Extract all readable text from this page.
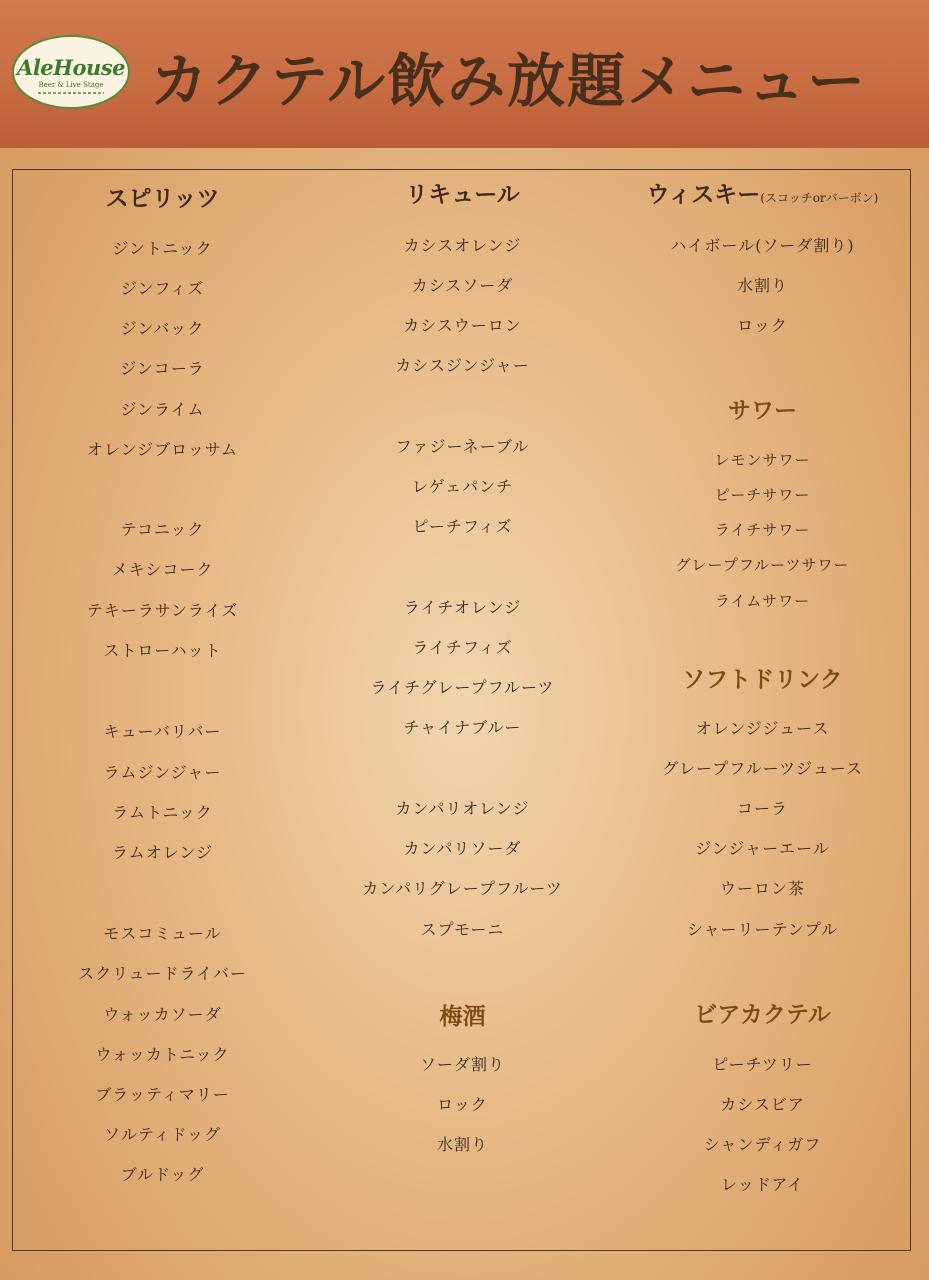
AleHouse
Beer & Live Stage カクテル飲み放題メニュー
スピリッツ
ジントニック
ジンフィズ
ジンバック
ジンコーラ
ジンライム
オレンジブロッサム
テコニック
メキシコーク
テキーラサンライズ
ストローハット
キューバリバー
ラムジンジャー
ラムトニック
ラムオレンジ
モスコミュール
スクリュードライバー
ウォッカソーダ
ウォッカトニック
ブラッティマリー
ソルティドッグ
ブルドッグ
リキュール
カシスオレンジ
カシスソーダ
カシスウーロン
カシスジンジャー
ファジーネーブル
レゲェパンチ
ピーチフィズ
ライチオレンジ
ライチフィズ
ライチグレープフルーツ
チャイナブルー
カンパリオレンジ
カンパリソーダ
カンパリグレープフルーツ
スプモーニ
梅酒
ソーダ割り
ロック
水割り
ウィスキー(スコッチorバーボン)
ハイボール(ソーダ割り)
水割り
ロック
サワー
レモンサワー
ピーチサワー
ライチサワー
グレープフルーツサワー
ライムサワー
ソフトドリンク
オレンジジュース
グレープフルーツジュース
コーラ
ジンジャーエール
ウーロン茶
シャーリーテンプル
ビアカクテル
ピーチツリー
カシスビア
シャンディガフ
レッドアイ
